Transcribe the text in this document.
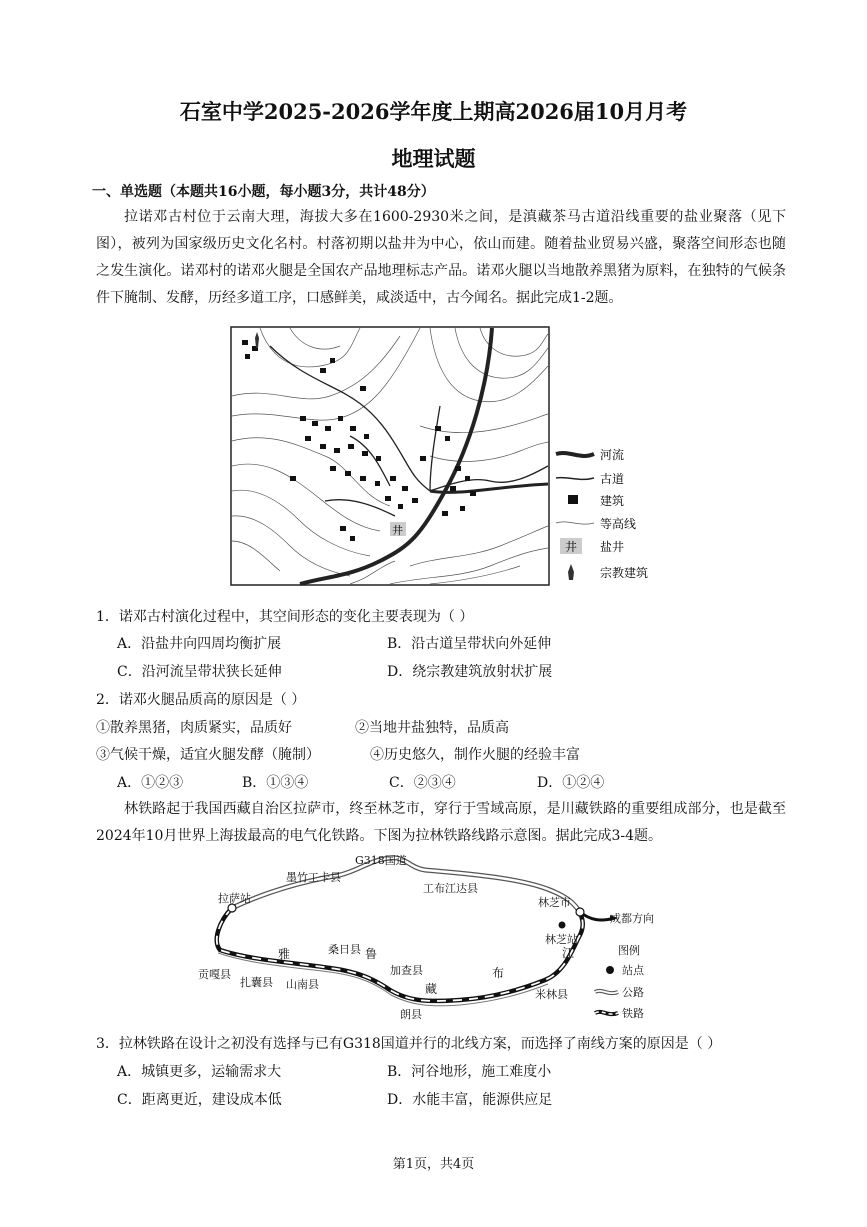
石室中学2025-2026学年度上期高2026届10月月考
地理试题
一、单选题（本题共16小题，每小题3分，共计48分）
拉诺邓古村位于云南大理，海拔大多在1600-2930米之间，是滇藏茶马古道沿线重要的盐业聚落（见下图），被列为国家级历史文化名村。村落初期以盐井为中心，依山而建。随着盐业贸易兴盛，聚落空间形态也随之发生演化。诺邓村的诺邓火腿是全国农产品地理标志产品。诺邓火腿以当地散养黑猪为原料，在独特的气候条件下腌制、发酵，历经多道工序，口感鲜美，咸淡适中，古今闻名。据此完成1-2题。
井
河流
古道
建筑
等高线
井 盐井
宗教建筑
1．诺邓古村演化过程中，其空间形态的变化主要表现为（ ）
A．沿盐井向四周均衡扩展	B．沿古道呈带状向外延伸
C．沿河流呈带状狭长延伸	D．绕宗教建筑放射状扩展
2．诺邓火腿品质高的原因是（ ）
①散养黑猪，肉质紧实，品质好	②当地井盐独特，品质高
③气候干燥，适宜火腿发酵（腌制）	④历史悠久，制作火腿的经验丰富
A．①②③	B．①③④	C．②③④	D．①②④
林铁路起于我国西藏自治区拉萨市，终至林芝市，穿行于雪域高原，是川藏铁路的重要组成部分，也是截至2024年10月世界上海拔最高的电气化铁路。下图为拉林铁路线路示意图。据此完成3-4题。
G318国道
墨竹工卡县
工布江达县
拉萨站	林芝市
成都方向
林芝站
贡嘎县
扎囊县 山南县
桑日县
加查县
朗县
米林县
雅	鲁
藏
布
江	图例
站点
公路
铁路
3．拉林铁路在设计之初没有选择与已有G318国道并行的北线方案，而选择了南线方案的原因是（ ）
A．城镇更多，运输需求大	B．河谷地形，施工难度小
C．距离更近，建设成本低	D．水能丰富，能源供应足
第1页，共4页
